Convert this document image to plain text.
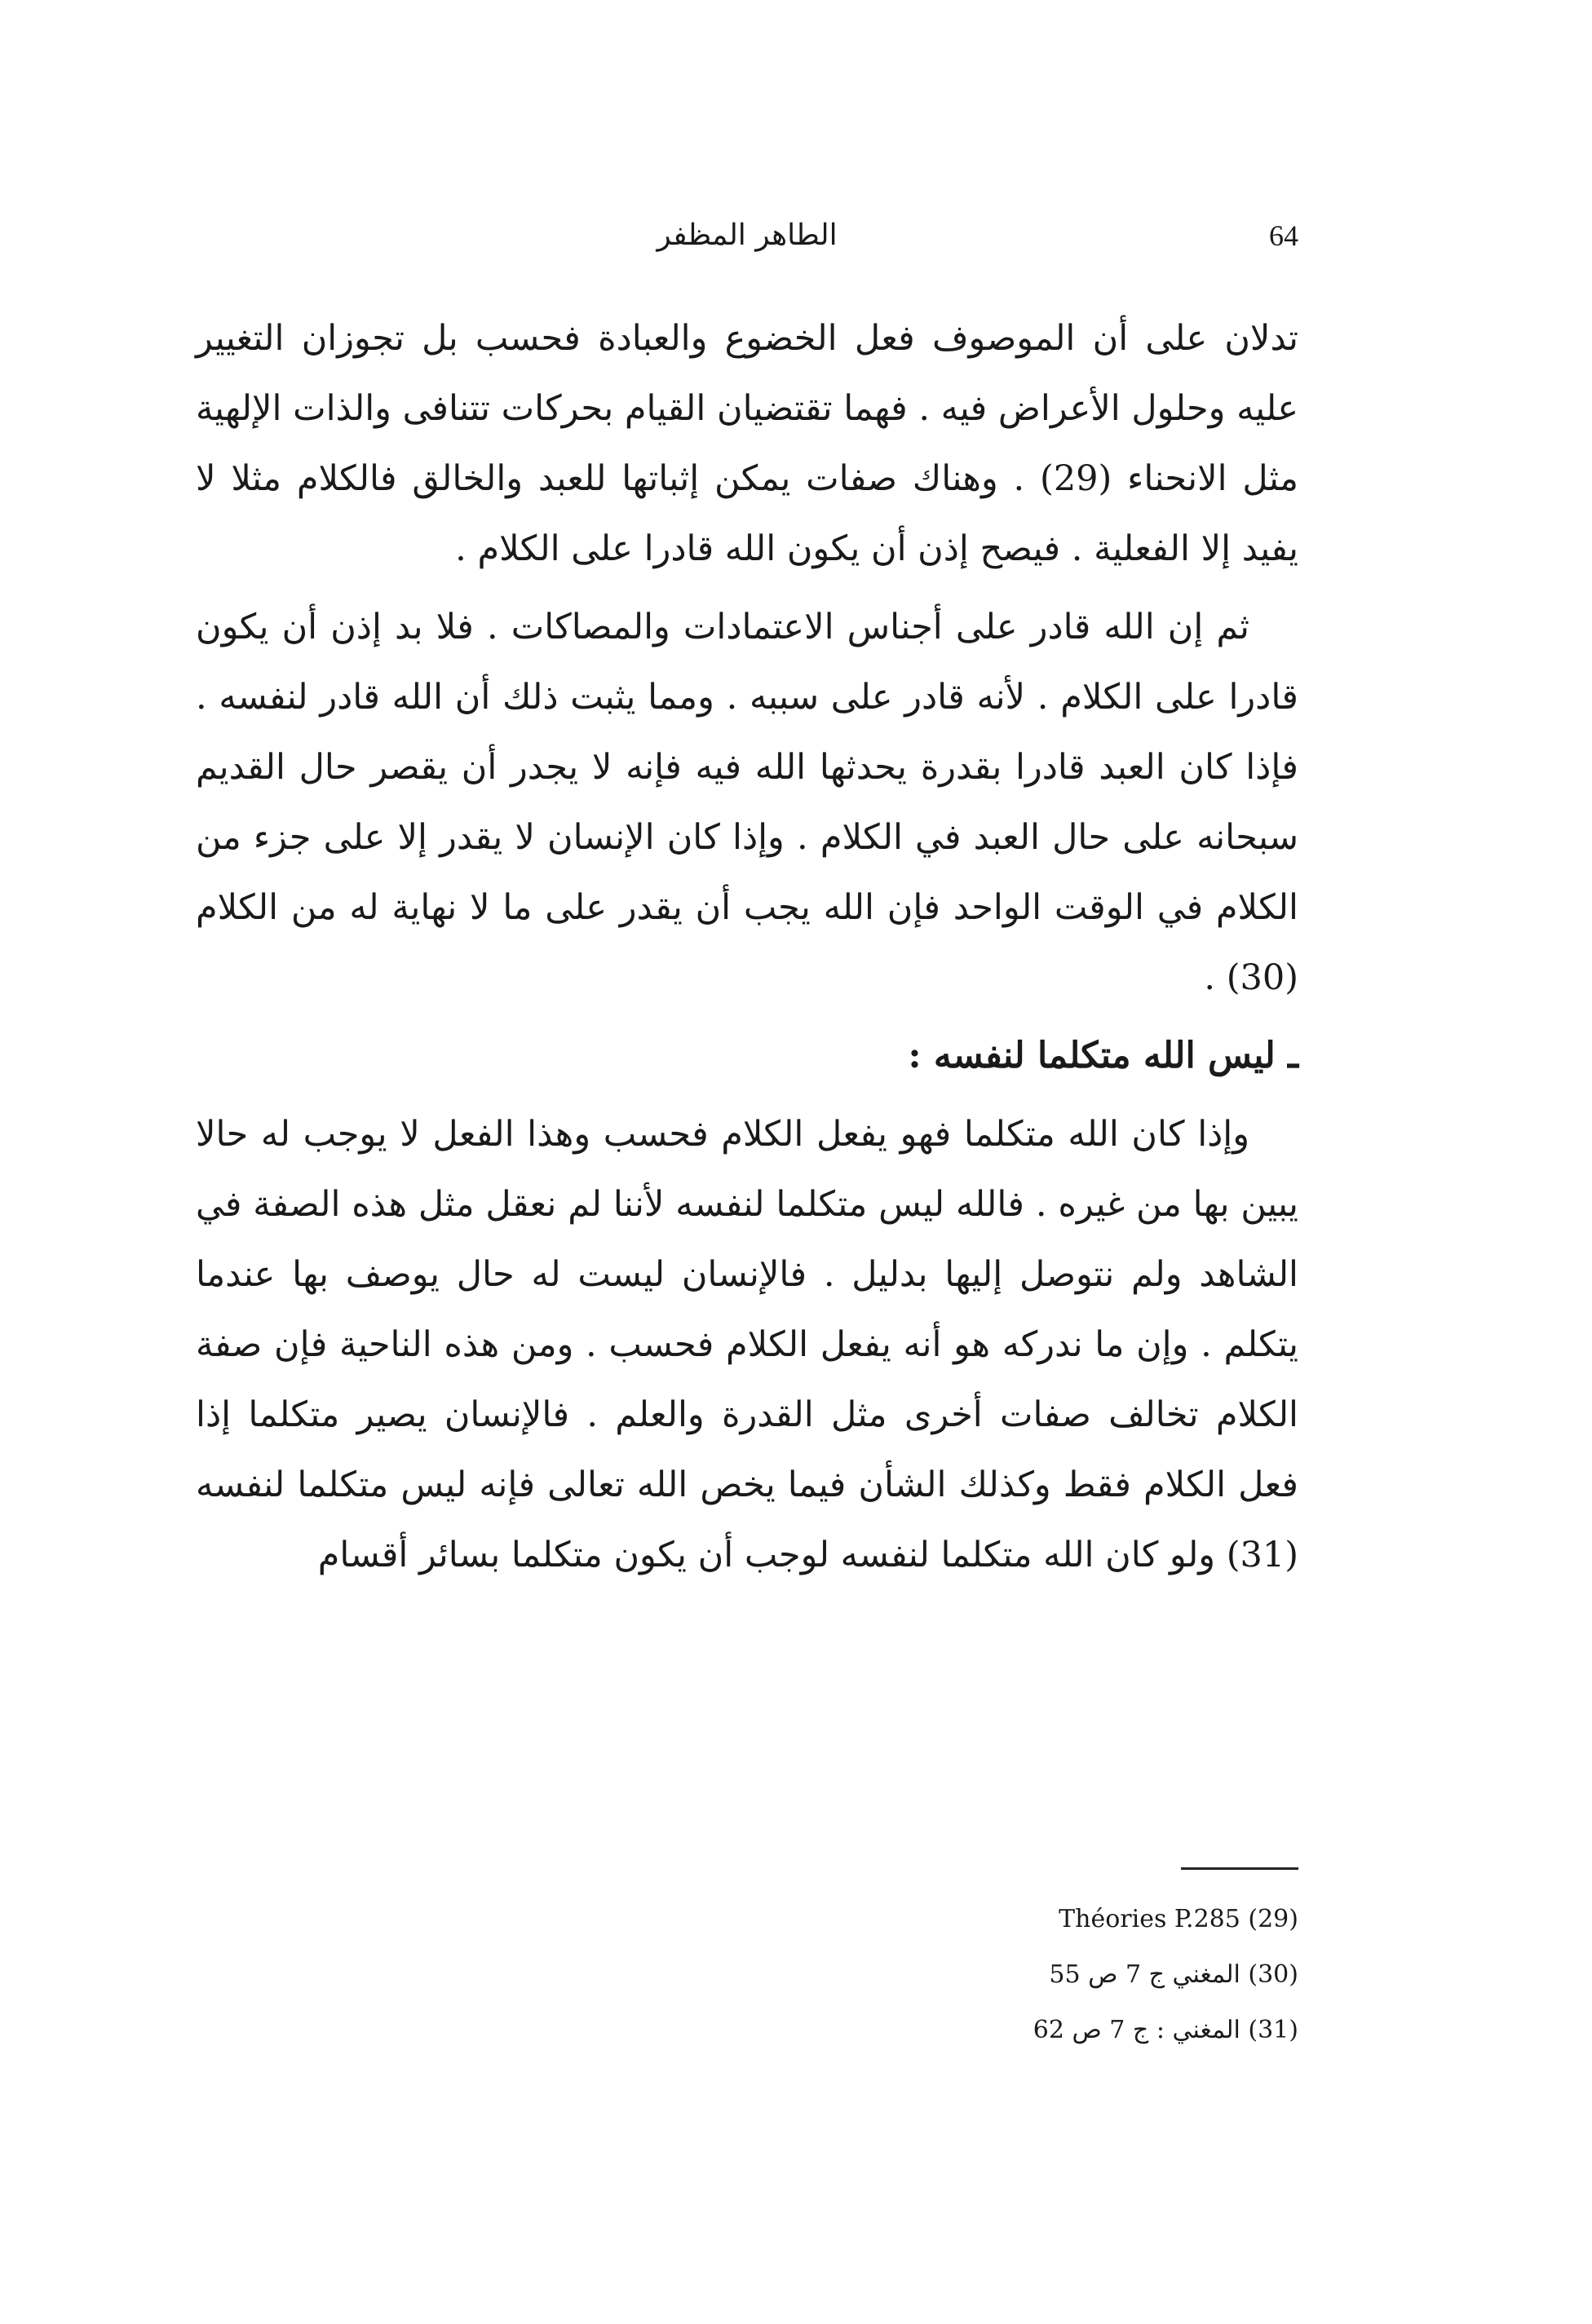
الطاهر المظفر	64

تدلان على أن الموصوف فعل الخضوع والعبادة فحسب بل تجوزان التغيير عليه وحلول الأعراض فيه . فهما تقتضيان القيام بحركات تتنافى والذات الإلهية مثل الانحناء (29) . وهناك صفات يمكن إثباتها للعبد والخالق فالكلام مثلا لا يفيد إلا الفعلية . فيصح إذن أن يكون الله قادرا على الكلام .

ثم إن الله قادر على أجناس الاعتمادات والمصاكات . فلا بد إذن أن يكون قادرا على الكلام . لأنه قادر على سببه . ومما يثبت ذلك أن الله قادر لنفسه . فإذا كان العبد قادرا بقدرة يحدثها الله فيه فإنه لا يجدر أن يقصر حال القديم سبحانه على حال العبد في الكلام . وإذا كان الإنسان لا يقدر إلا على جزء من الكلام في الوقت الواحد فإن الله يجب أن يقدر على ما لا نهاية له من الكلام (30) .

ـ ليس الله متكلما لنفسه :

وإذا كان الله متكلما فهو يفعل الكلام فحسب وهذا الفعل لا يوجب له حالا يبين بها من غيره . فالله ليس متكلما لنفسه لأننا لم نعقل مثل هذه الصفة في الشاهد ولم نتوصل إليها بدليل . فالإنسان ليست له حال يوصف بها عندما يتكلم . وإن ما ندركه هو أنه يفعل الكلام فحسب . ومن هذه الناحية فإن صفة الكلام تخالف صفات أخرى مثل القدرة والعلم . فالإنسان يصير متكلما إذا فعل الكلام فقط وكذلك الشأن فيما يخص الله تعالى فإنه ليس متكلما لنفسه (31) ولو كان الله متكلما لنفسه لوجب أن يكون متكلما بسائر أقسام

(29) Théories P.285
(30) المغني ج 7 ص 55
(31) المغني : ج 7 ص 62
